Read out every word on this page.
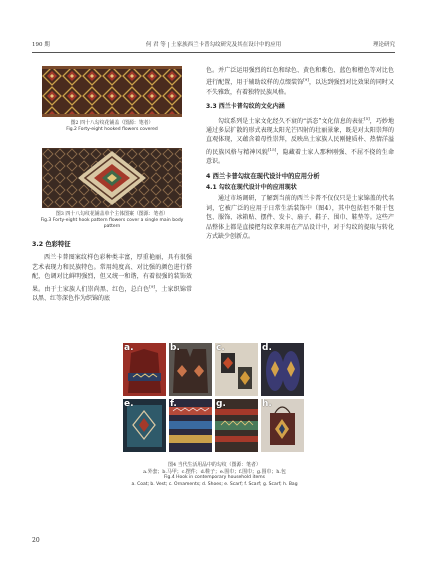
190 期	何 君 等 | 土家族西兰卡普勾纹研究及其在设计中的应用	理论研究
图2 四十八勾纹花铺盖（图源：笔者）
Fig.2 Forty-eight hooked flowers covered
图3 四十八勾纹花铺盖单个主体图案（图源：笔者）
Fig.3 Forty-eight hook pattern flowers cover a single main body pattern
3.2 色彩特征

西兰卡普图案纹样色彩种类丰富，厚重艳丽，具有很强艺术表现力和民族特色。常用纯度高、对比强的颜色进行搭配，色调对比鲜明强烈，但又统一和谐，有着很强的装饰效果。由于土家族人们崇尚黑、红色，总白色[9]，土家织锦常以黑、红等深色作为织锦的底

色。并广泛运用强烈的红色和绿色、黄色和紫色、蓝色和橙色等对比色进行配置，用于辅助纹样的点缀装饰[9]，以达到强烈对比效果的同时又不失雅致，有着独特民族风格。

3.3 西兰卡普勾纹的文化内涵

勾纹系列是土家文化经久不衰的“活态”文化信息的表征[5]，巧妙地通过多层扩散的形式表现太阳光芒四射的壮丽景象，既是对太阳崇拜的直观体现，又蕴含着母性崇拜，反映出土家族人民刚健质朴、热情洋溢的民族风格与精神风貌[15]，隐藏着土家人那种刚强、不屈不挠的生命意识。

4 西兰卡普勾纹在现代设计中的应用分析
4.1 勾纹在现代设计中的应用现状

通过市场调研，了解到当前的西兰卡普不仅仅只是土家锦盖的代名词，它被广泛的应用于日常生活装饰中（图4），其中包括但不限于包包、服饰、冰箱贴、摆件、发卡、扇子、鞋子、围巾、鞋垫等。这些产品整体上都是直接把勾纹拿来用在产品设计中，对于勾纹的提取与转化方式缺少创新点。

a.	b.	c.	d.
e.	f.	g.	h.
图4 当代生活用品中的勾纹（图源：笔者）
a.外套；b.马甲；c.摆件；d.鞋子；e.围巾；f.围巾；g.围巾；h.包
Fig.4 Hook in contemporary household items
a. Coat; b. Vest; c. Ornaments; d. Shoes; e. Scarf; f. Scarf; g. Scarf; h. Bag
20
